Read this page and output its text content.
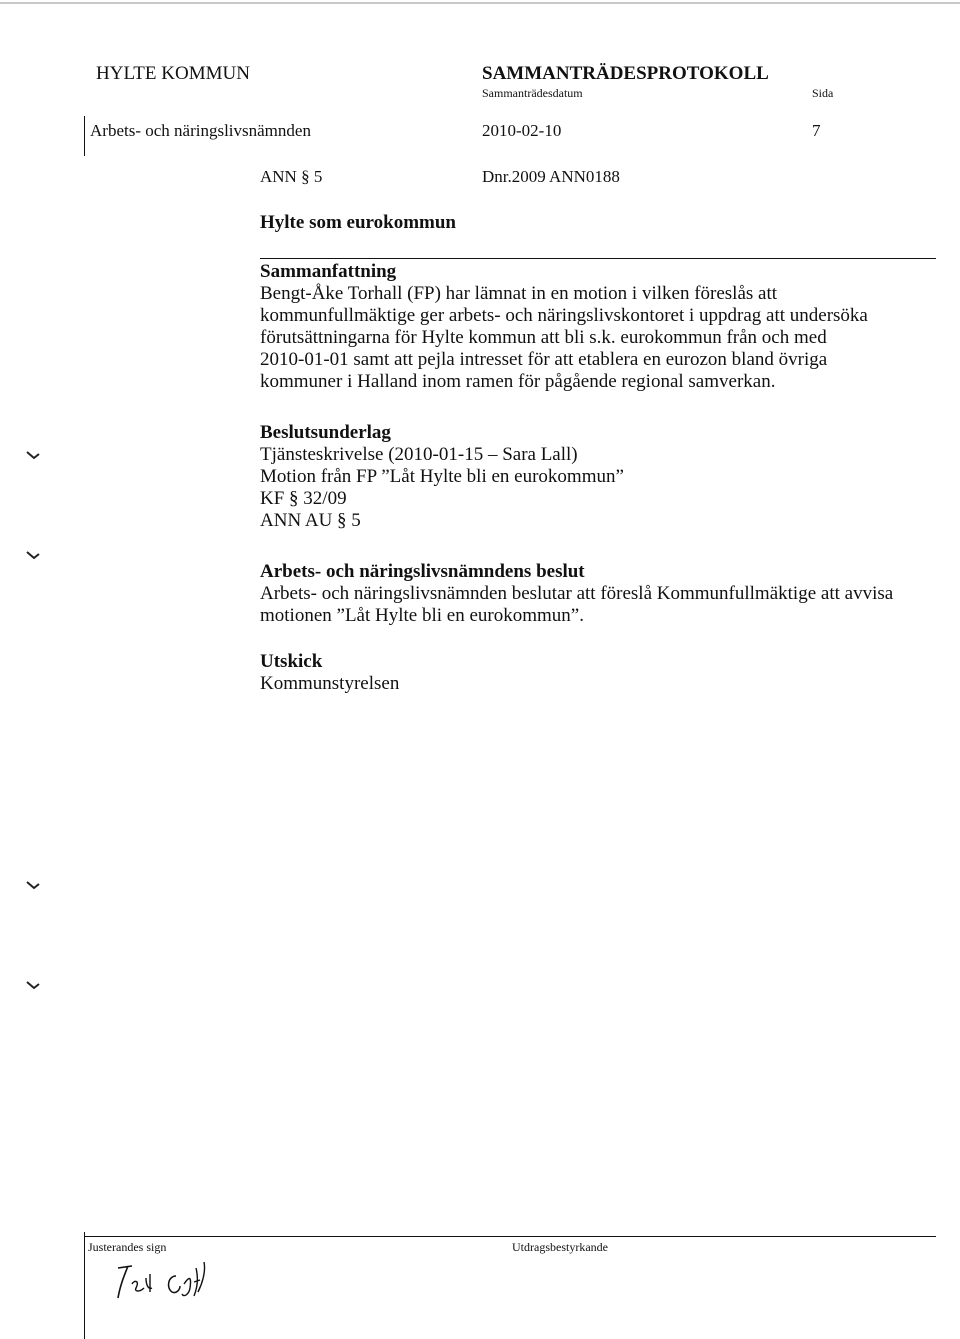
HYLTE KOMMUN	SAMMANTRÄDESPROTOKOLL
Sammanträdesdatum	Sida
Arbets- och näringslivsnämnden	2010-02-10	7
ANN § 5	Dnr.2009 ANN0188
Hylte som eurokommun

Sammanfattning

Bengt-Åke Torhall (FP) har lämnat in en motion i vilken föreslås att

kommunfullmäktige ger arbets- och näringslivskontoret i uppdrag att undersöka

förutsättningarna för Hylte kommun att bli s.k. eurokommun från och med

2010-01-01 samt att pejla intresset för att etablera en eurozon bland övriga

kommuner i Halland inom ramen för pågående regional samverkan.

Beslutsunderlag

Tjänsteskrivelse (2010-01-15 – Sara Lall)

Motion från FP ”Låt Hylte bli en eurokommun”

KF § 32/09

ANN AU § 5

Arbets- och näringslivsnämndens beslut

Arbets- och näringslivsnämnden beslutar att föreslå Kommunfullmäktige att avvisa

motionen ”Låt Hylte bli en eurokommun”.

Utskick

Kommunstyrelsen

Justerandes sign	Utdragsbestyrkande
